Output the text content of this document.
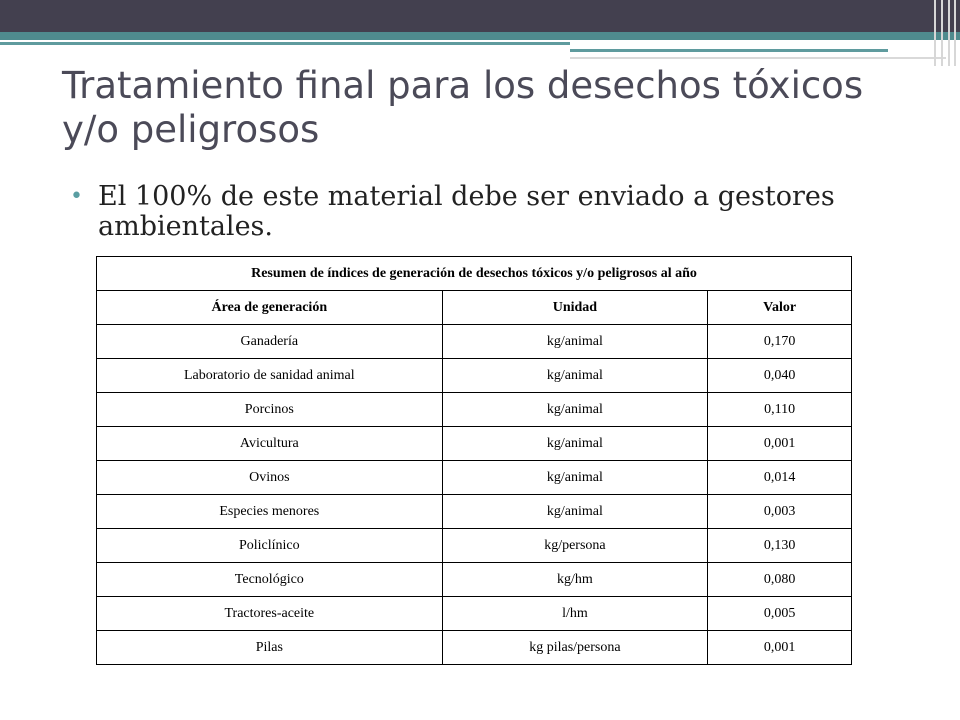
Tratamiento final para los desechos tóxicos y/o peligrosos
• El 100% de este material debe ser enviado a gestores ambientales.
Resumen de índices de generación de desechos tóxicos y/o peligrosos al año		
Área de generación	Unidad	Valor
Ganadería	kg/animal	0,170
Laboratorio de sanidad animal	kg/animal	0,040
Porcinos	kg/animal	0,110
Avicultura	kg/animal	0,001
Ovinos	kg/animal	0,014
Especies menores	kg/animal	0,003
Policlínico	kg/persona	0,130
Tecnológico	kg/hm	0,080
Tractores-aceite	l/hm	0,005
Pilas	kg pilas/persona	0,001
